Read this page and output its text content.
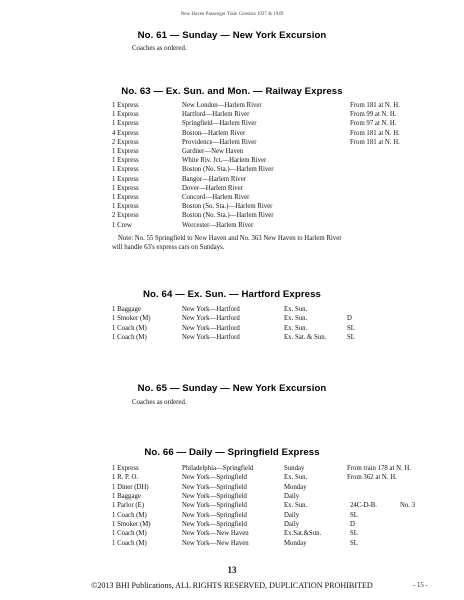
New Haven Passenger Train Consists 1937 & 1949
No. 61 — Sunday — New York Excursion
Coaches as ordered.
No. 63 — Ex. Sun. and Mon. — Railway Express
1 Express	New London—Harlem River	From 181 at N. H.
1 Express	Hartford—Harlem River	From 99 at N. H.
1 Express	Springfield—Harlem River	From 97 at N. H.
4 Express	Boston—Harlem River	From 181 at N. H.
2 Express	Providence—Harlem River	From 181 at N. H.
1 Express	Gardner—New Haven
1 Express	White Riv. Jct.—Harlem River
1 Express	Boston (No. Sta.)—Harlem River
1 Express	Bangor—Harlem River
1 Express	Dover—Harlem River
1 Express	Concord—Harlem River
1 Express	Boston (So. Sta.)—Harlem River
2 Express	Boston (No. Sta.)—Harlem River
1 Crew	Worcester—Harlem River
Note: No. 55 Springfield to New Haven and No. 363 New Haven to Harlem River
will handle 63's express cars on Sundays.
No. 64 — Ex. Sun. — Hartford Express
1 Baggage	New York—Hartford	Ex. Sun.
1 Smoker (M)	New York—Hartford	Ex. Sun.	D
1 Coach (M)	New York—Hartford	Ex. Sun.	SL
1 Coach (M)	New York—Hartford	Ex. Sat. & Sun.	SL
No. 65 — Sunday — New York Excursion
Coaches as ordered.
No. 66 — Daily — Springfield Express
1 Express	Philadelphia—Springfield	Sunday	From train 178 at N. H.
1 R. P. O.	New York—Springfield	Ex. Sun.	From 362 at N. H.
1 Diner (DH)	New York—Springfield	Monday
1 Baggage	New York—Springfield	Daily
1 Parlor (E)	New York—Springfield	Ex. Sun.	24C-D-B.	No. 3
1 Coach (M)	New York—Springfield	Daily	SL
1 Smoker (M)	New York—Springfield	Daily	D
1 Coach (M)	New York—New Haven	Ex.Sat.&Sun.	SL
1 Coach (M)	New York—New Haven	Monday	SL
13
©2013 BHI Publications, ALL RIGHTS RESERVED, DUPLICATION PROHIBITED	- 15 -
